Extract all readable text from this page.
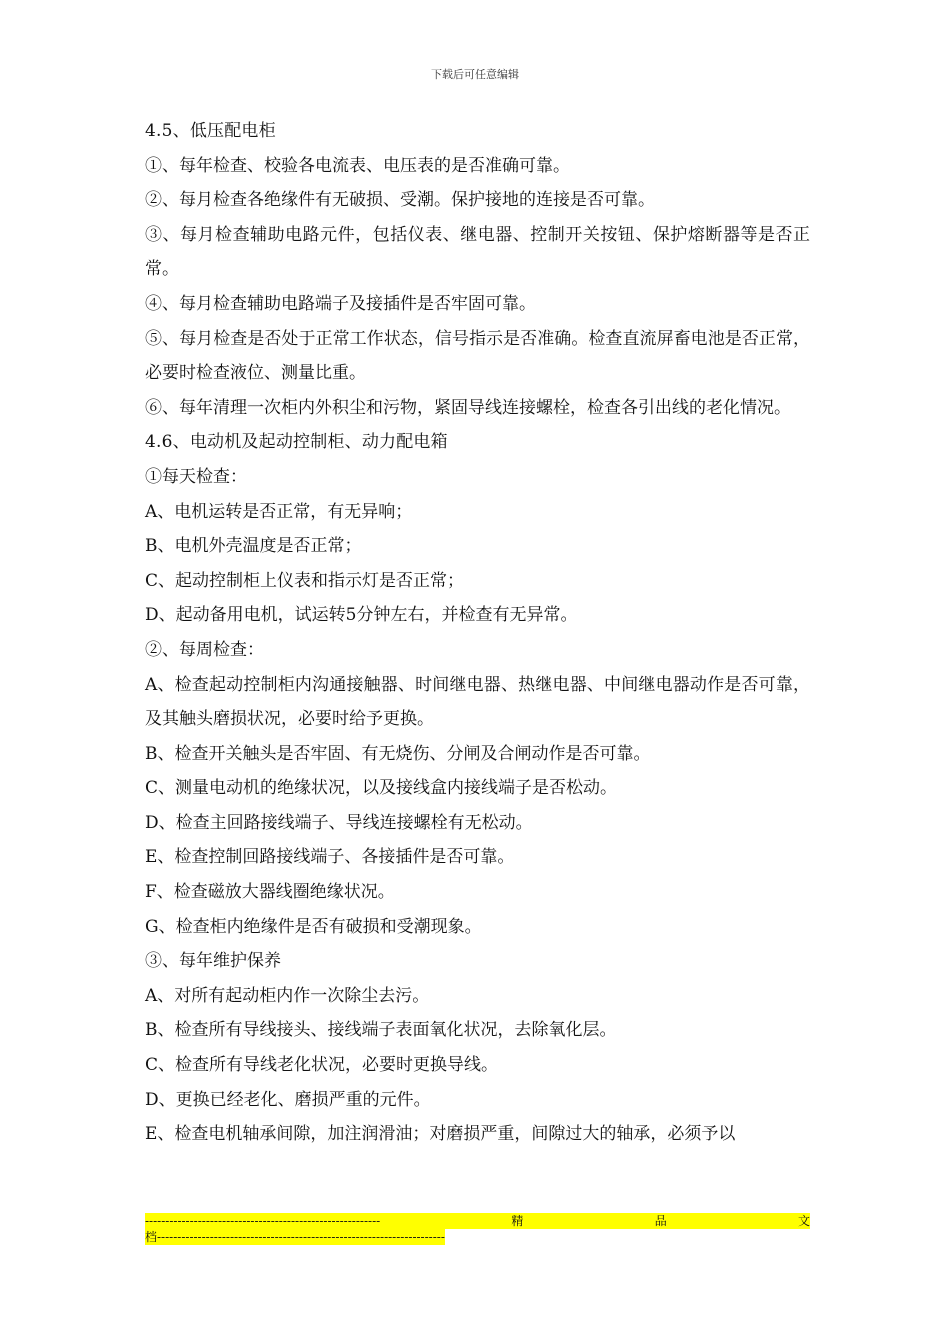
下载后可任意编辑

4.5、低压配电柜

①、每年检查、校验各电流表、电压表的是否准确可靠。

②、每月检查各绝缘件有无破损、受潮。保护接地的连接是否可靠。

③、每月检查辅助电路元件，包括仪表、继电器、控制开关按钮、保护熔断器等是否正常。

④、每月检查辅助电路端子及接插件是否牢固可靠。

⑤、每月检查是否处于正常工作状态，信号指示是否准确。检查直流屏畜电池是否正常，必要时检查液位、测量比重。

⑥、每年清理一次柜内外积尘和污物，紧固导线连接螺栓，检查各引出线的老化情况。

4.6、电动机及起动控制柜、动力配电箱

①每天检查：

A、电机运转是否正常，有无异响；

B、电机外壳温度是否正常；

C、起动控制柜上仪表和指示灯是否正常；

D、起动备用电机，试运转5分钟左右，并检查有无异常。

②、每周检查：

A、检查起动控制柜内沟通接触器、时间继电器、热继电器、中间继电器动作是否可靠，及其触头磨损状况，必要时给予更换。

B、检查开关触头是否牢固、有无烧伤、分闸及合闸动作是否可靠。

C、测量电动机的绝缘状况，以及接线盒内接线端子是否松动。

D、检查主回路接线端子、导线连接螺栓有无松动。

E、检查控制回路接线端子、各接插件是否可靠。

F、检查磁放大器线圈绝缘状况。

G、检查柜内绝缘件是否有破损和受潮现象。

③、每年维护保养

A、对所有起动柜内作一次除尘去污。

B、检查所有导线接头、接线端子表面氧化状况，去除氧化层。

C、检查所有导线老化状况，必要时更换导线。

D、更换已经老化、磨损严重的元件。

E、检查电机轴承间隙，加注润滑油；对磨损严重，间隙过大的轴承，必须予以

----------------------------------------------------------	精	品	文
档-----------------------------------------------------------------------
